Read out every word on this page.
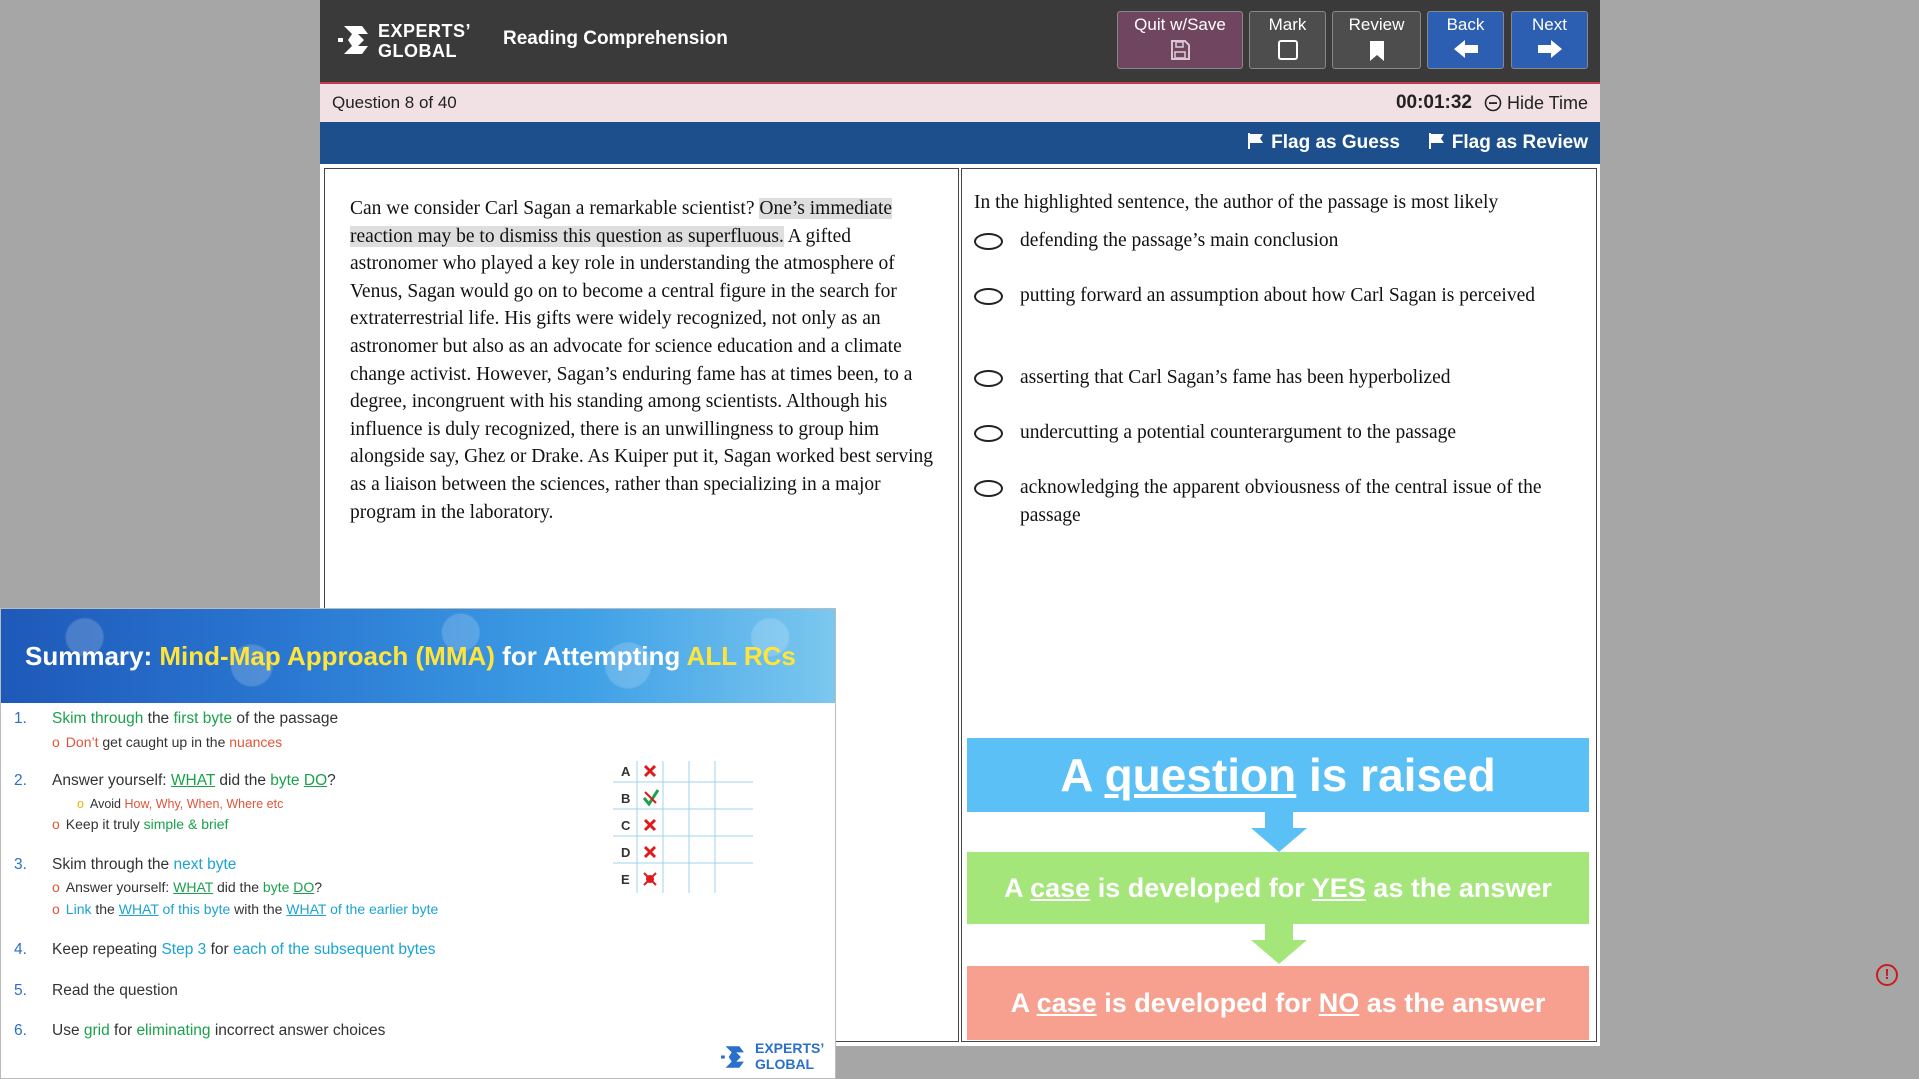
EXPERTS’
GLOBAL
Reading Comprehension
Quit w/Save	Mark	Review	Back	Next
Question 8 of 40	00:01:32	Hide Time
Flag as Guess	Flag as Review
Can we consider Carl Sagan a remarkable scientist? One’s immediate reaction may be to dismiss this question as superfluous. A gifted astronomer who played a key role in understanding the atmosphere of Venus, Sagan would go on to become a central figure in the search for extraterrestrial life. His gifts were widely recognized, not only as an astronomer but also as an advocate for science education and a climate change activist. However, Sagan’s enduring fame has at times been, to a degree, incongruent with his standing among scientists. Although his influence is duly recognized, there is an unwillingness to group him alongside say, Ghez or Drake. As Kuiper put it, Sagan worked best serving as a liaison between the sciences, rather than specializing in a major program in the laboratory.
In the highlighted sentence, the author of the passage is most likely
defending the passage’s main conclusion
putting forward an assumption about how Carl Sagan is perceived
asserting that Carl Sagan’s fame has been hyperbolized
undercutting a potential counterargument to the passage
acknowledging the apparent obviousness of the central issue of the passage
Summary: Mind-Map Approach (MMA) for Attempting ALL RCs
1. Skim through the first byte of the passage
o Don’t get caught up in the nuances
2. Answer yourself: WHAT did the byte DO?
o Avoid How, Why, When, Where etc
o Keep it truly simple & brief
3. Skim through the next byte
o Answer yourself: WHAT did the byte DO?
o Link the WHAT of this byte with the WHAT of the earlier byte
4. Keep repeating Step 3 for each of the subsequent bytes
5. Read the question
6. Use grid for eliminating incorrect answer choices
A
B
C
D
E
EXPERTS’
GLOBAL
A question is raised
A case is developed for YES as the answer
A case is developed for NO as the answer
!
